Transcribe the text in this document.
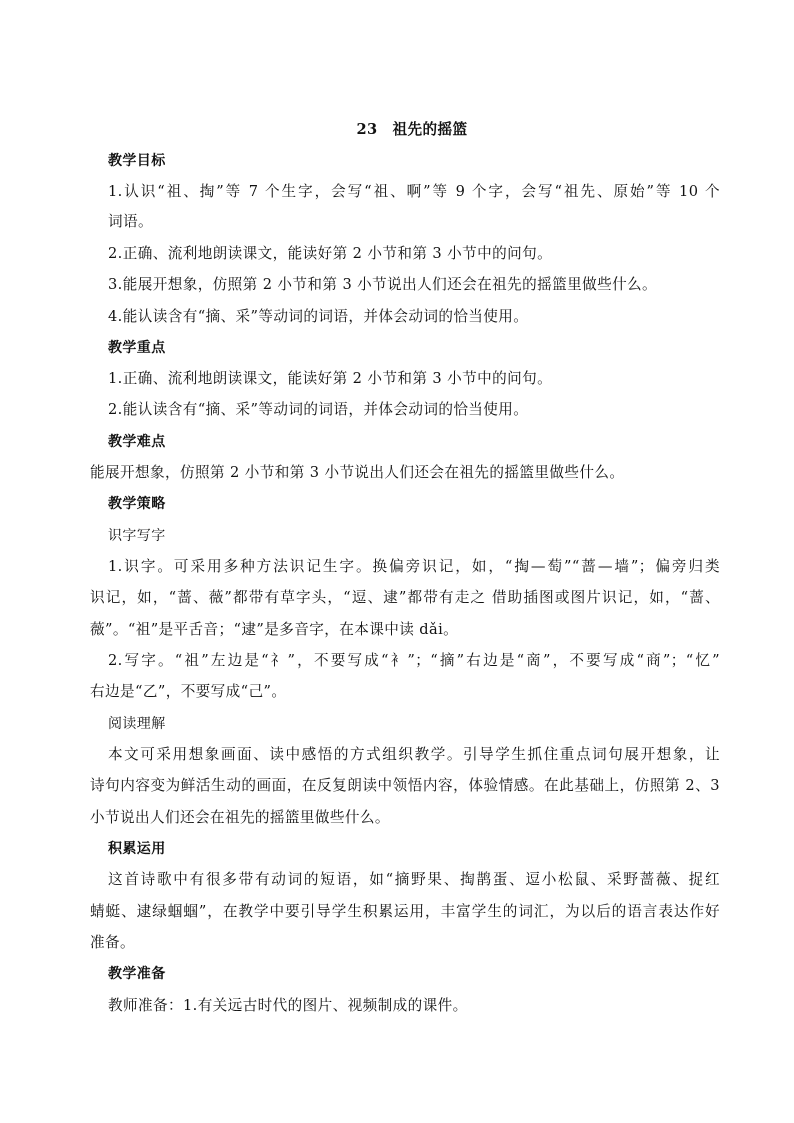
23　祖先的摇篮
教学目标
1.认识“祖、掏”等 7 个生字，会写“祖、啊”等 9 个字，会写“祖先、原始”等 10 个
词语。
2.正确、流利地朗读课文，能读好第 2 小节和第 3 小节中的问句。
3.能展开想象，仿照第 2 小节和第 3 小节说出人们还会在祖先的摇篮里做些什么。
4.能认读含有“摘、采”等动词的词语，并体会动词的恰当使用。
教学重点
1.正确、流利地朗读课文，能读好第 2 小节和第 3 小节中的问句。
2.能认读含有“摘、采”等动词的词语，并体会动词的恰当使用。
教学难点
能展开想象，仿照第 2 小节和第 3 小节说出人们还会在祖先的摇篮里做些什么。
教学策略
识字写字
1.识字。可采用多种方法识记生字。换偏旁识记，如，“掏—萄”“蔷—墙”；偏旁归类
识记，如，“蔷、薇”都带有草字头，“逗、逮”都带有走之 借助插图或图片识记，如，“蔷、
薇”。“祖”是平舌音；“逮”是多音字，在本课中读 dǎi。
2.写字。“祖”左边是“礻”，不要写成“衤”；“摘”右边是“啇”，不要写成“商”；“忆”
右边是“乙”，不要写成“己”。
阅读理解
本文可采用想象画面、读中感悟的方式组织教学。引导学生抓住重点词句展开想象，让
诗句内容变为鲜活生动的画面，在反复朗读中领悟内容，体验情感。在此基础上，仿照第 2、3
小节说出人们还会在祖先的摇篮里做些什么。
积累运用
这首诗歌中有很多带有动词的短语，如“摘野果、掏鹊蛋、逗小松鼠、采野蔷薇、捉红
蜻蜓、逮绿蝈蝈”，在教学中要引导学生积累运用，丰富学生的词汇，为以后的语言表达作好
准备。
教学准备
教师准备：1.有关远古时代的图片、视频制成的课件。
